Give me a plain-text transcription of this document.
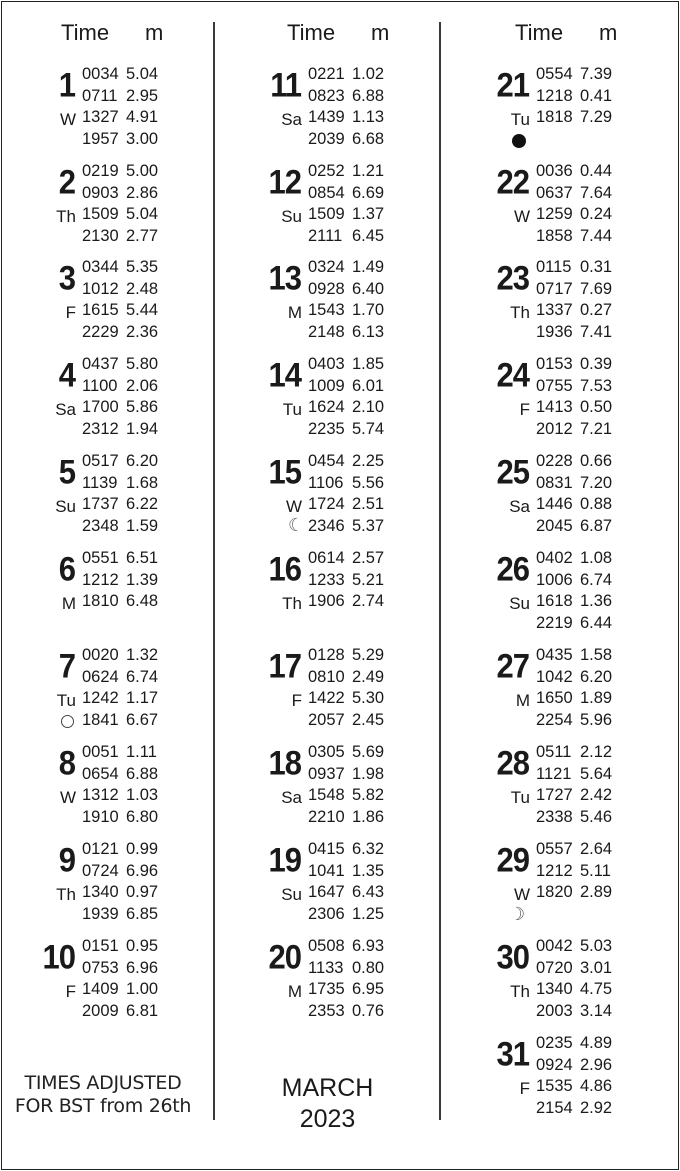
Time m	Time m	Time m
1
W
0034 5.04
0711 2.95
1327 4.91
1957 3.00
2
Th
0219 5.00
0903 2.86
1509 5.04
2130 2.77
3
F
0344 5.35
1012 2.48
1615 5.44
2229 2.36
4
Sa
0437 5.80
1100 2.06
1700 5.86
2312 1.94
5
Su
0517 6.20
1139 1.68
1737 6.22
2348 1.59
6
M
0551 6.51
1212 1.39
1810 6.48
7
Tu
0020 1.32
0624 6.74
1242 1.17
1841 6.67
8
W
0051 1.11
0654 6.88
1312 1.03
1910 6.80
9
Th
0121 0.99
0724 6.96
1340 0.97
1939 6.85
10
F
0151 0.95
0753 6.96
1409 1.00
2009 6.81
11
Sa
0221 1.02
0823 6.88
1439 1.13
2039 6.68
12
Su
0252 1.21
0854 6.69
1509 1.37
2111 6.45
13
M
0324 1.49
0928 6.40
1543 1.70
2148 6.13
14
Tu
0403 1.85
1009 6.01
1624 2.10
2235 5.74
15
W
0454 2.25
1106 5.56
1724 2.51
2346 5.37
☾
16
Th
0614 2.57
1233 5.21
1906 2.74
17
F
0128 5.29
0810 2.49
1422 5.30
2057 2.45
18
Sa
0305 5.69
0937 1.98
1548 5.82
2210 1.86
19
Su
0415 6.32
1041 1.35
1647 6.43
2306 1.25
20
M
0508 6.93
1133 0.80
1735 6.95
2353 0.76
21
Tu
0554 7.39
1218 0.41
1818 7.29
22
W
0036 0.44
0637 7.64
1259 0.24
1858 7.44
23
Th
0115 0.31
0717 7.69
1337 0.27
1936 7.41
24
F
0153 0.39
0755 7.53
1413 0.50
2012 7.21
25
Sa
0228 0.66
0831 7.20
1446 0.88
2045 6.87
26
Su
0402 1.08
1006 6.74
1618 1.36
2219 6.44
27
M
0435 1.58
1042 6.20
1650 1.89
2254 5.96
28
Tu
0511 2.12
1121 5.64
1727 2.42
2338 5.46
29
W
0557 2.64
1212 5.11
1820 2.89
☽
30
Th
0042 5.03
0720 3.01
1340 4.75
2003 3.14
31
F
0235 4.89
0924 2.96
1535 4.86
2154 2.92
TIMES ADJUSTED
FOR BST from 26th
MARCH
2023
